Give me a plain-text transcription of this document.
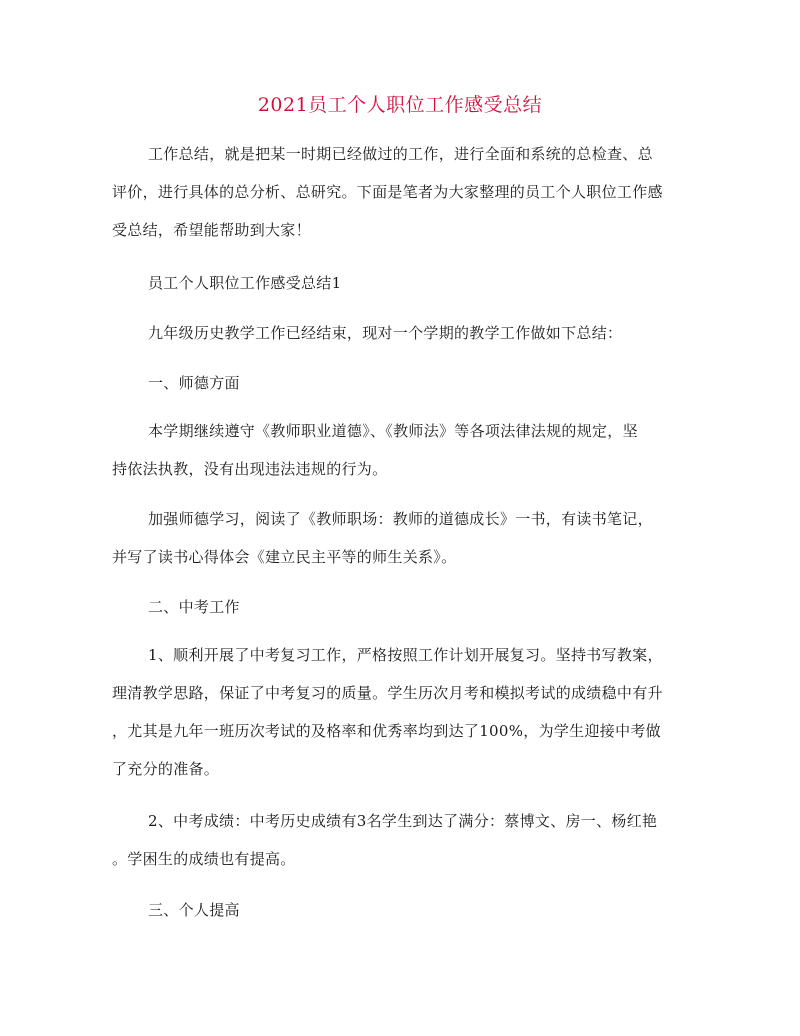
2021员工个人职位工作感受总结

工作总结，就是把某一时期已经做过的工作，进行全面和系统的总检查、总
评价，进行具体的总分析、总研究。下面是笔者为大家整理的员工个人职位工作感
受总结，希望能帮助到大家！

员工个人职位工作感受总结1

九年级历史教学工作已经结束，现对一个学期的教学工作做如下总结：

一、师德方面

本学期继续遵守《教师职业道德》、《教师法》等各项法律法规的规定，坚
持依法执教，没有出现违法违规的行为。

加强师德学习，阅读了《教师职场：教师的道德成长》一书，有读书笔记，
并写了读书心得体会《建立民主平等的师生关系》。

二、中考工作

1、顺利开展了中考复习工作，严格按照工作计划开展复习。坚持书写教案，
理清教学思路，保证了中考复习的质量。学生历次月考和模拟考试的成绩稳中有升
，尤其是九年一班历次考试的及格率和优秀率均到达了100%，为学生迎接中考做
了充分的准备。

2、中考成绩：中考历史成绩有3名学生到达了满分：蔡博文、房一、杨红艳
。学困生的成绩也有提高。

三、个人提高
